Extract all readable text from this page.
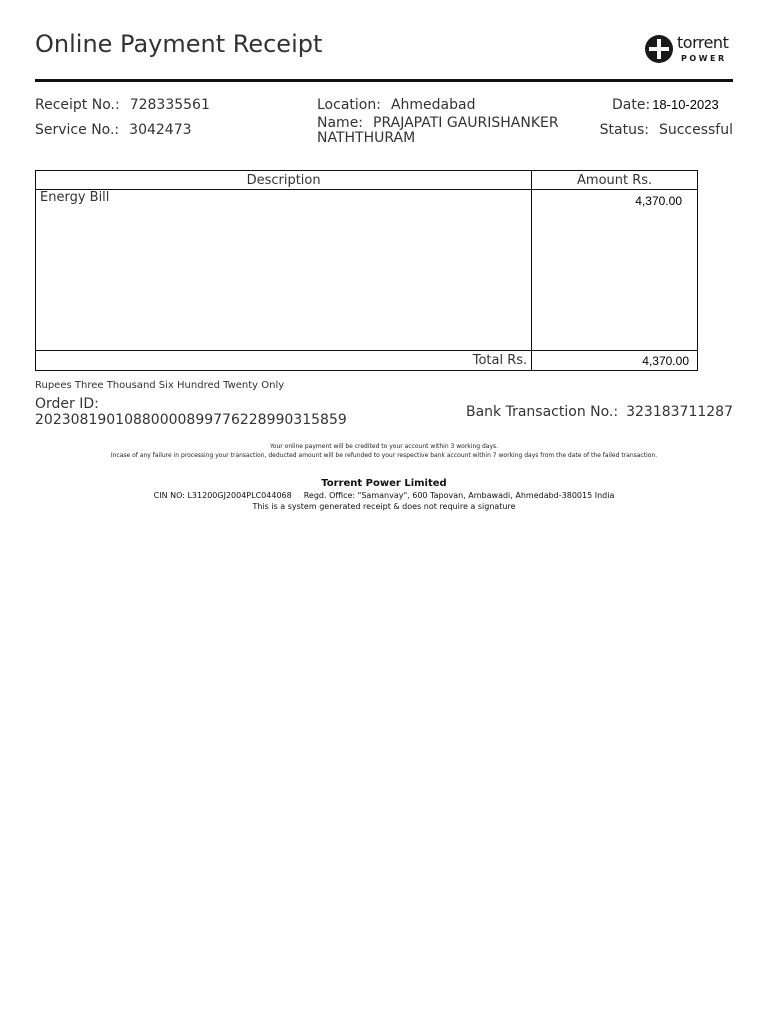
Online Payment Receipt	torrent
POWER
Receipt No.: 728335561
Service No.: 3042473
Location: Ahmedabad
Name: PRAJAPATI GAURISHANKER
NATHTHURAM
Date: 18-10-2023
Status: Successful
Description	Amount Rs.
Energy Bill	4,370.00
Total Rs.	4,370.00
Rupees Three Thousand Six Hundred Twenty Only
Order ID:
20230819010880000899776228990315859	Bank Transaction No.: 323183711287
Your online payment will be credited to your account within 3 working days.
Incase of any failure in processing your transaction, deducted amount will be refunded to your respective bank account within 7 working days from the date of the failed transaction.
Torrent Power Limited
CIN NO: L31200GJ2004PLC044068 Regd. Office: "Samanvay", 600 Tapovan, Ambawadi, Ahmedabd-380015 India
This is a system generated receipt & does not require a signature
